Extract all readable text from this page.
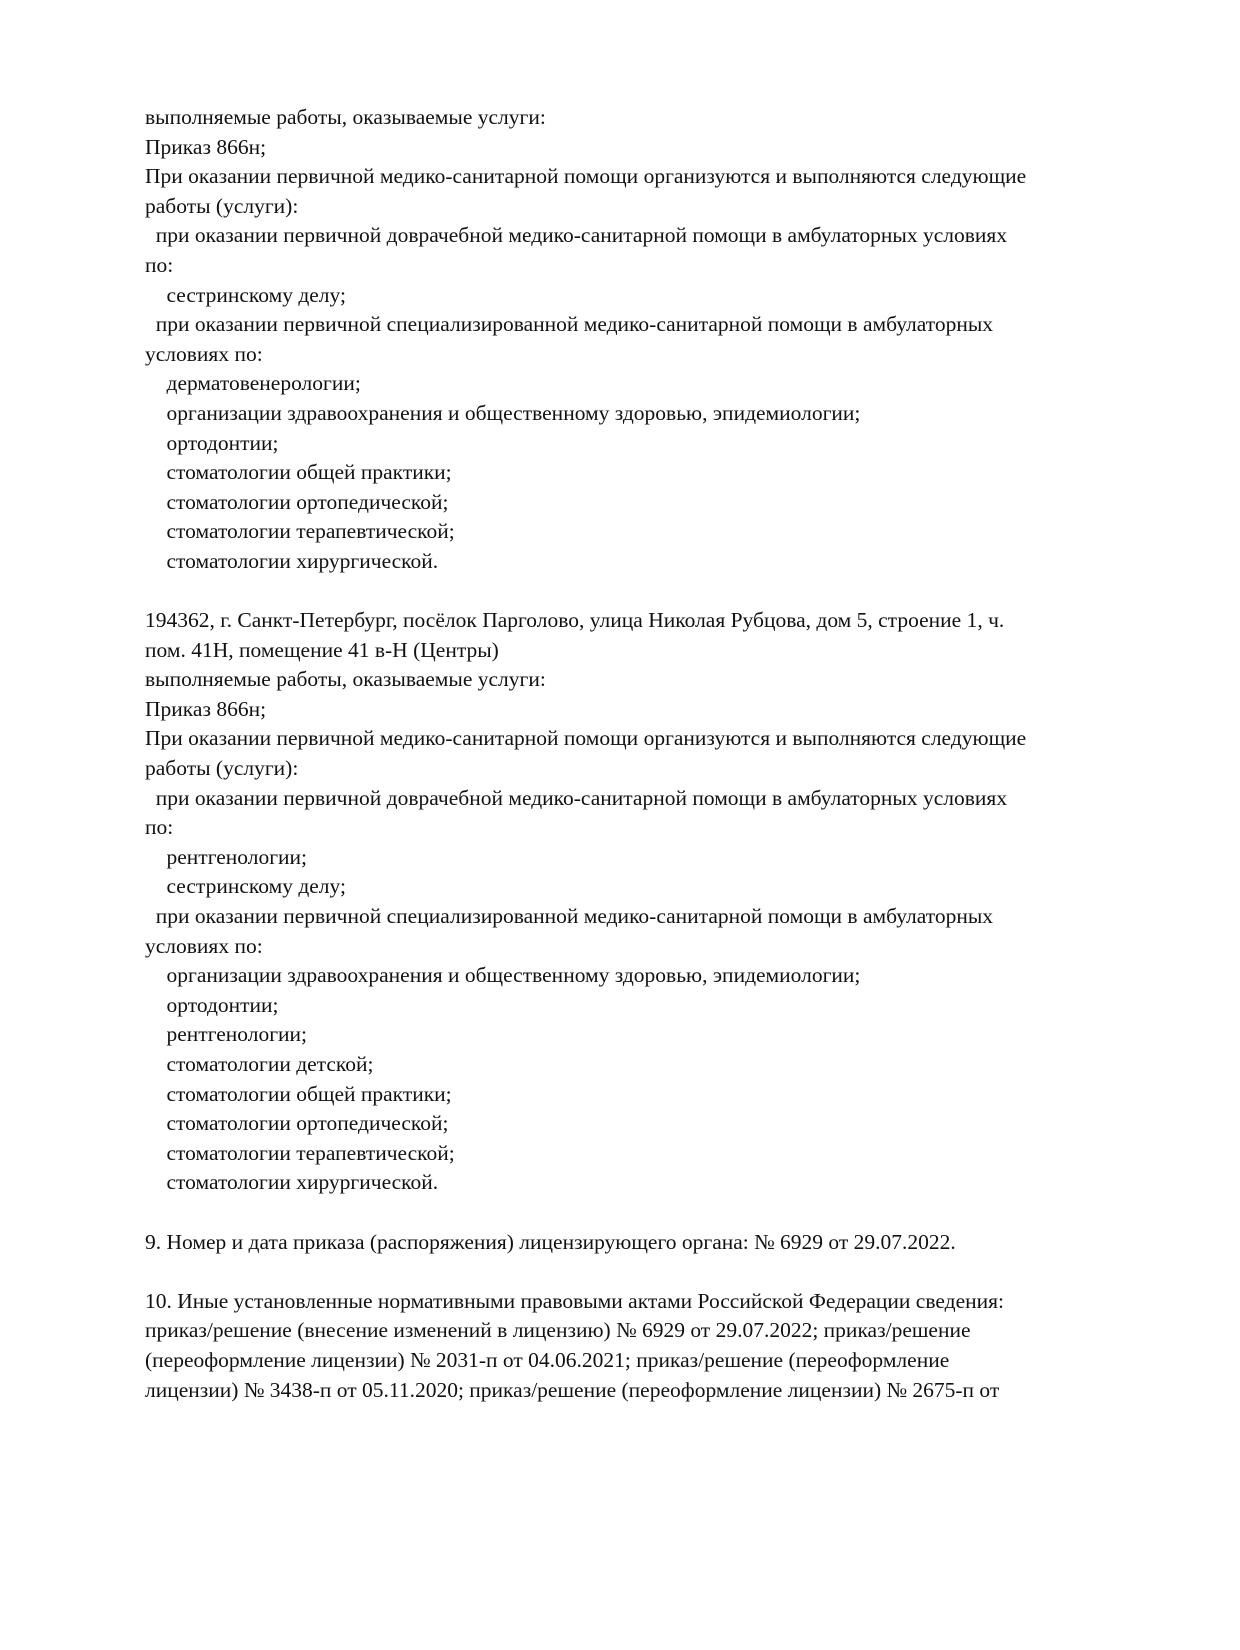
выполняемые работы, оказываемые услуги:
Приказ 866н;
При оказании первичной медико-санитарной помощи организуются и выполняются следующие
работы (услуги):
при оказании первичной доврачебной медико-санитарной помощи в амбулаторных условиях
по:
сестринскому делу;
при оказании первичной специализированной медико-санитарной помощи в амбулаторных
условиях по:
дерматовенерологии;
организации здравоохранения и общественному здоровью, эпидемиологии;
ортодонтии;
стоматологии общей практики;
стоматологии ортопедической;
стоматологии терапевтической;
стоматологии хирургической.
194362, г. Санкт-Петербург, посёлок Парголово, улица Николая Рубцова, дом 5, строение 1, ч.
пом. 41Н, помещение 41 в-Н (Центры)
выполняемые работы, оказываемые услуги:
Приказ 866н;
При оказании первичной медико-санитарной помощи организуются и выполняются следующие
работы (услуги):
при оказании первичной доврачебной медико-санитарной помощи в амбулаторных условиях
по:
рентгенологии;
сестринскому делу;
при оказании первичной специализированной медико-санитарной помощи в амбулаторных
условиях по:
организации здравоохранения и общественному здоровью, эпидемиологии;
ортодонтии;
рентгенологии;
стоматологии детской;
стоматологии общей практики;
стоматологии ортопедической;
стоматологии терапевтической;
стоматологии хирургической.
9. Номер и дата приказа (распоряжения) лицензирующего органа: № 6929 от 29.07.2022.
10. Иные установленные нормативными правовыми актами Российской Федерации сведения:
приказ/решение (внесение изменений в лицензию) № 6929 от 29.07.2022; приказ/решение
(переоформление лицензии) № 2031-п от 04.06.2021; приказ/решение (переоформление
лицензии) № 3438-п от 05.11.2020; приказ/решение (переоформление лицензии) № 2675-п от
